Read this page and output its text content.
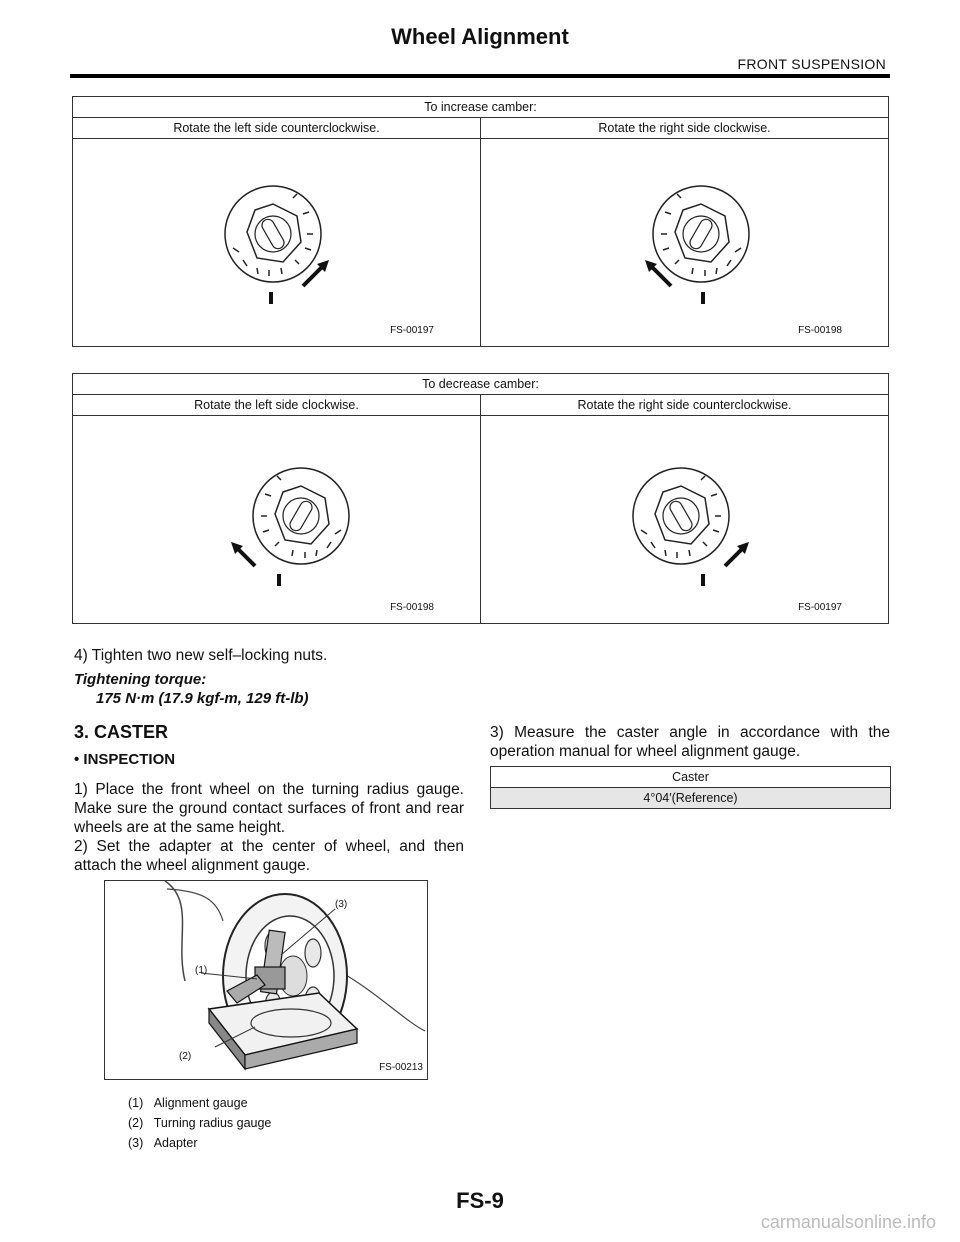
Wheel Alignment
FRONT SUSPENSION
To increase camber:	
Rotate the left side counterclockwise.	Rotate the right side clockwise.

FS-00197	FS-00198
To decrease camber:	
Rotate the left side clockwise.	Rotate the right side counterclockwise.

FS-00198	FS-00197
4) Tighten two new self–locking nuts.
Tightening torque:
175 N·m (17.9 kgf-m, 129 ft-lb)
3. CASTER
• INSPECTION
1) Place the front wheel on the turning radius gauge. Make sure the ground contact surfaces of front and rear wheels are at the same height.
2) Set the adapter at the center of wheel, and then attach the wheel alignment gauge.
3) Measure the caster angle in accordance with the operation manual for wheel alignment gauge.
Caster
4°04′(Reference)
(3)
(1)
(2)
FS-00213
(1) Alignment gauge
(2) Turning radius gauge
(3) Adapter
FS-9
carmanualsonline.info
